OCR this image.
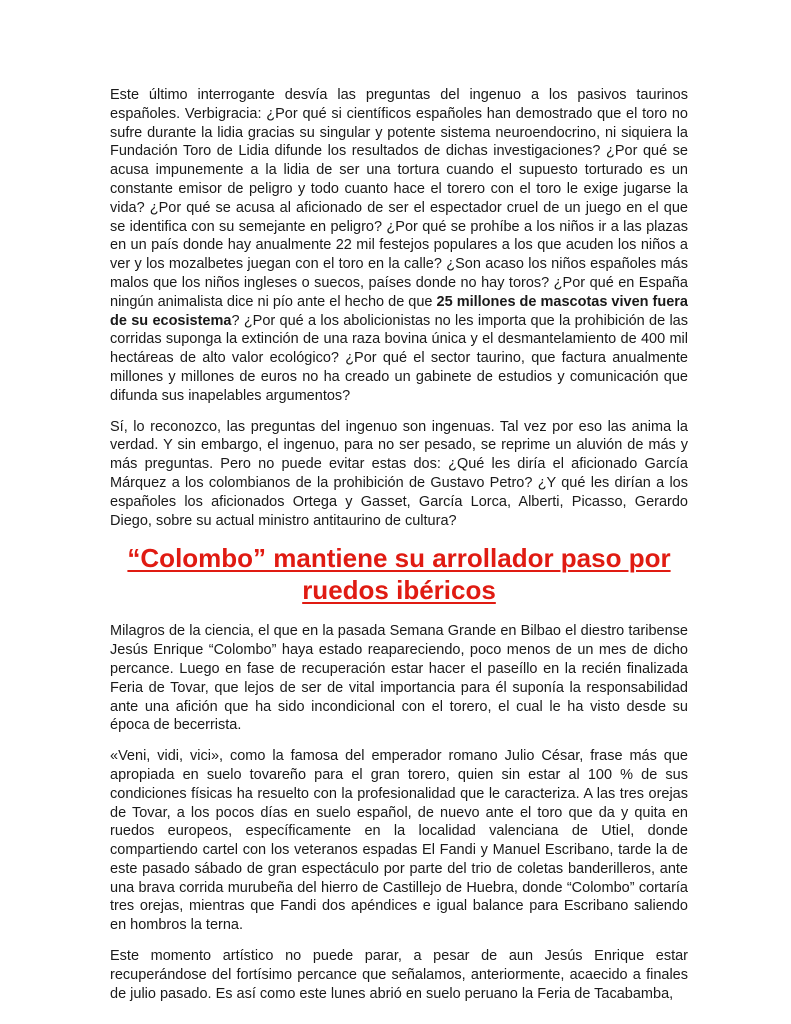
Este último interrogante desvía las preguntas del ingenuo a los pasivos taurinos españoles. Verbigracia: ¿Por qué si científicos españoles han demostrado que el toro no sufre durante la lidia gracias su singular y potente sistema neuroendocrino, ni siquiera la Fundación Toro de Lidia difunde los resultados de dichas investigaciones? ¿Por qué se acusa impunemente a la lidia de ser una tortura cuando el supuesto torturado es un constante emisor de peligro y todo cuanto hace el torero con el toro le exige jugarse la vida? ¿Por qué se acusa al aficionado de ser el espectador cruel de un juego en el que se identifica con su semejante en peligro? ¿Por qué se prohíbe a los niños ir a las plazas en un país donde hay anualmente 22 mil festejos populares a los que acuden los niños a ver y los mozalbetes juegan con el toro en la calle? ¿Son acaso los niños españoles más malos que los niños ingleses o suecos, países donde no hay toros? ¿Por qué en España ningún animalista dice ni pío ante el hecho de que 25 millones de mascotas viven fuera de su ecosistema? ¿Por qué a los abolicionistas no les importa que la prohibición de las corridas suponga la extinción de una raza bovina única y el desmantelamiento de 400 mil hectáreas de alto valor ecológico? ¿Por qué el sector taurino, que factura anualmente millones y millones de euros no ha creado un gabinete de estudios y comunicación que difunda sus inapelables argumentos?

Sí, lo reconozco, las preguntas del ingenuo son ingenuas. Tal vez por eso las anima la verdad. Y sin embargo, el ingenuo, para no ser pesado, se reprime un aluvión de más y más preguntas. Pero no puede evitar estas dos: ¿Qué les diría el aficionado García Márquez a los colombianos de la prohibición de Gustavo Petro? ¿Y qué les dirían a los españoles los aficionados Ortega y Gasset, García Lorca, Alberti, Picasso, Gerardo Diego, sobre su actual ministro antitaurino de cultura?

“Colombo” mantiene su arrollador paso por ruedos ibéricos

Milagros de la ciencia, el que en la pasada Semana Grande en Bilbao el diestro taribense Jesús Enrique “Colombo” haya estado reapareciendo, poco menos de un mes de dicho percance. Luego en fase de recuperación estar hacer el paseíllo en la recién finalizada Feria de Tovar, que lejos de ser de vital importancia para él suponía la responsabilidad ante una afición que ha sido incondicional con el torero, el cual le ha visto desde su época de becerrista.

«Veni, vidi, vici», como la famosa del emperador romano Julio César, frase más que apropiada en suelo tovareño para el gran torero, quien sin estar al 100 % de sus condiciones físicas ha resuelto con la profesionalidad que le caracteriza. A las tres orejas de Tovar, a los pocos días en suelo español, de nuevo ante el toro que da y quita en ruedos europeos, específicamente en la localidad valenciana de Utiel, donde compartiendo cartel con los veteranos espadas El Fandi y Manuel Escribano, tarde la de este pasado sábado de gran espectáculo por parte del trio de coletas banderilleros, ante una brava corrida murubeña del hierro de Castillejo de Huebra, donde “Colombo” cortaría tres orejas, mientras que Fandi dos apéndices e igual balance para Escribano saliendo en hombros la terna.

Este momento artístico no puede parar, a pesar de aun Jesús Enrique estar recuperándose del fortísimo percance que señalamos, anteriormente, acaecido a finales de julio pasado. Es así como este lunes abrió en suelo peruano la Feria de Tacabamba,
